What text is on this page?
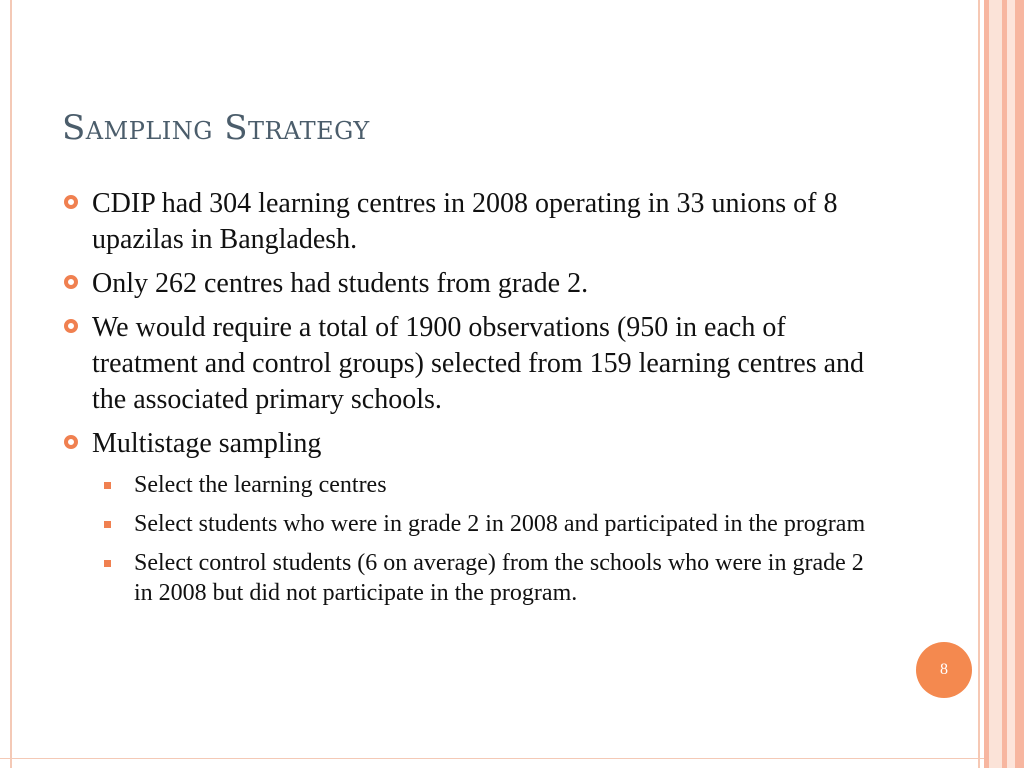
Sampling Strategy
CDIP had 304 learning centres in 2008 operating in 33 unions of 8 upazilas in Bangladesh.
Only 262 centres had students from grade 2.
We would require a total of 1900 observations (950 in each of treatment and control groups) selected from 159 learning centres and the associated primary schools.
Multistage sampling
Select the learning centres
Select students who were in grade 2 in 2008 and participated in the program
Select control students (6 on average) from the schools who were in grade 2 in 2008 but did not participate in the program.
8
